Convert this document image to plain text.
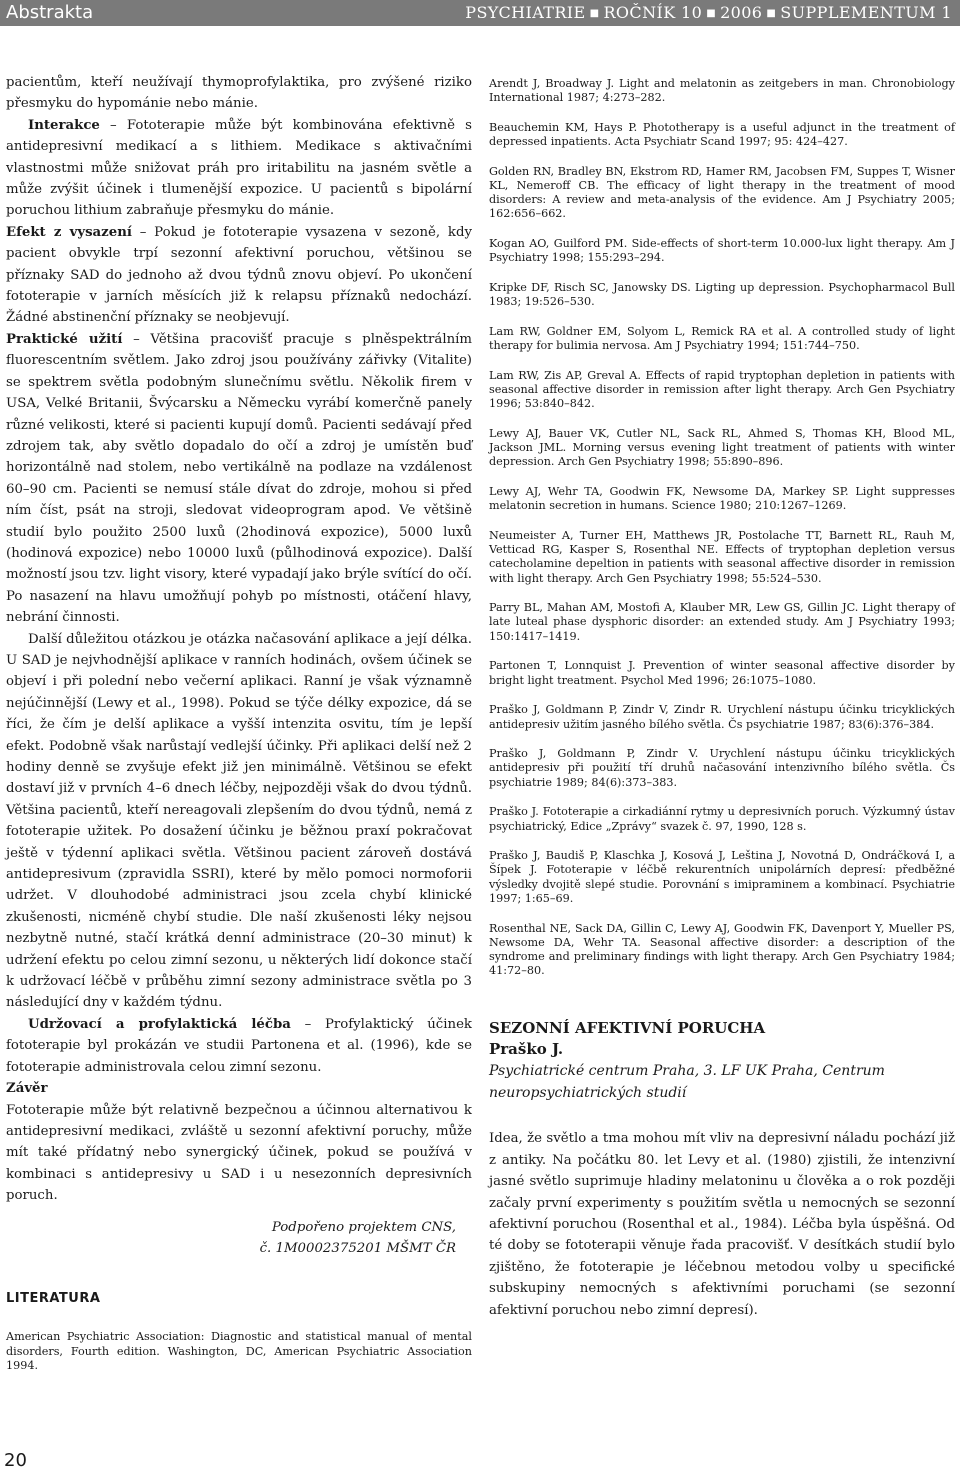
Abstrakta	PSYCHIATRIE ■ ROČNÍK 10 ■ 2006 ■ SUPPLEMENTUM 1

pacientům, kteří neužívají thymoprofylaktika, pro zvýšené riziko přesmyku do hypománie nebo mánie.

Interakce – Fototerapie může být kombinována efektivně s antidepresivní medikací a s lithiem. Medikace s aktivačními vlastnostmi může snižovat práh pro iritabilitu na jasném světle a může zvýšit účinek i tlumenější expozice. U pacientů s bipolární poruchou lithium zabraňuje přesmyku do mánie.

Efekt z vysazení – Pokud je fototerapie vysazena v sezoně, kdy pacient obvykle trpí sezonní afektivní poruchou, většinou se příznaky SAD do jednoho až dvou týdnů znovu objeví. Po ukončení fototerapie v jarních měsících již k relapsu příznaků nedochází. Žádné abstinenční příznaky se neobjevují.

Praktické užití – Většina pracovišť pracuje s plněspektrálním fluorescentním světlem. Jako zdroj jsou používány zářivky (Vitalite) se spektrem světla podobným slunečnímu světlu. Několik firem v USA, Velké Britanii, Švýcarsku a Německu vyrábí komerčně panely různé velikosti, které si pacienti kupují domů. Pacienti sedávají před zdrojem tak, aby světlo dopadalo do očí a zdroj je umístěn buď horizontálně nad stolem, nebo vertikálně na podlaze na vzdálenost 60–90 cm. Pacienti se nemusí stále dívat do zdroje, mohou si před ním číst, psát na stroji, sledovat videoprogram apod. Ve většině studií bylo použito 2500 luxů (2hodinová expozice), 5000 luxů (hodinová expozice) nebo 10000 luxů (půlhodinová expozice). Další možností jsou tzv. light visory, které vypadají jako brýle svítící do očí. Po nasazení na hlavu umožňují pohyb po místnosti, otáčení hlavy, nebrání činnosti.

Další důležitou otázkou je otázka načasování aplikace a její délka. U SAD je nejvhodnější aplikace v ranních hodinách, ovšem účinek se objeví i při polední nebo večerní aplikaci. Ranní je však významně nejúčinnější (Lewy et al., 1998). Pokud se týče délky expozice, dá se říci, že čím je delší aplikace a vyšší intenzita osvitu, tím je lepší efekt. Podobně však narůstají vedlejší účinky. Při aplikaci delší než 2 hodiny denně se zvyšuje efekt již jen minimálně. Většinou se efekt dostaví již v prvních 4–6 dnech léčby, nejpozději však do dvou týdnů. Většina pacientů, kteří nereagovali zlepšením do dvou týdnů, nemá z fototerapie užitek. Po dosažení účinku je běžnou praxí pokračovat ještě v týdenní aplikaci světla. Většinou pacient zároveň dostává antidepresivum (zpravidla SSRI), které by mělo pomoci normoforii udržet. V dlouhodobé administraci jsou zcela chybí klinické zkušenosti, nicméně chybí studie. Dle naší zkušenosti léky nejsou nezbytně nutné, stačí krátká denní administrace (20–30 minut) k udržení efektu po celou zimní sezonu, u některých lidí dokonce stačí k udržovací léčbě v průběhu zimní sezony administrace světla po 3 následující dny v každém týdnu.

Udržovací a profylaktická léčba – Profylaktický účinek fototerapie byl prokázán ve studii Partonena et al. (1996), kde se fototerapie administrovala celou zimní sezonu.

Závěr

Fototerapie může být relativně bezpečnou a účinnou alternativou k antidepresivní medikaci, zvláště u sezonní afektivní poruchy, může mít také přídatný nebo synergický účinek, pokud se používá v kombinaci s antidepresivy u SAD i u nesezonních depresivních poruch.

Podpořeno projektem CNS,
č. 1M0002375201 MŠMT ČR
LITERATURA
American Psychiatric Association: Diagnostic and statistical manual of mental disorders, Fourth edition. Washington, DC, American Psychiatric Association 1994.
Arendt J, Broadway J. Light and melatonin as zeitgebers in man. Chronobiology International 1987; 4:273–282.
Beauchemin KM, Hays P. Phototherapy is a useful adjunct in the treatment of depressed inpatients. Acta Psychiatr Scand 1997; 95: 424–427.
Golden RN, Bradley BN, Ekstrom RD, Hamer RM, Jacobsen FM, Suppes T, Wisner KL, Nemeroff CB. The efficacy of light therapy in the treatment of mood disorders: A review and meta-analysis of the evidence. Am J Psychiatry 2005; 162:656–662.
Kogan AO, Guilford PM. Side-effects of short-term 10.000-lux light therapy. Am J Psychiatry 1998; 155:293–294.
Kripke DF, Risch SC, Janowsky DS. Ligting up depression. Psychopharmacol Bull 1983; 19:526–530.
Lam RW, Goldner EM, Solyom L, Remick RA et al. A controlled study of light therapy for bulimia nervosa. Am J Psychiatry 1994; 151:744–750.
Lam RW, Zis AP, Greval A. Effects of rapid tryptophan depletion in patients with seasonal affective disorder in remission after light therapy. Arch Gen Psychiatry 1996; 53:840–842.
Lewy AJ, Bauer VK, Cutler NL, Sack RL, Ahmed S, Thomas KH, Blood ML, Jackson JML. Morning versus evening light treatment of patients with winter depression. Arch Gen Psychiatry 1998; 55:890–896.
Lewy AJ, Wehr TA, Goodwin FK, Newsome DA, Markey SP. Light suppresses melatonin secretion in humans. Science 1980; 210:1267–1269.
Neumeister A, Turner EH, Matthews JR, Postolache TT, Barnett RL, Rauh M, Vetticad RG, Kasper S, Rosenthal NE. Effects of tryptophan depletion versus catecholamine depeltion in patients with seasonal affective disorder in remission with light therapy. Arch Gen Psychiatry 1998; 55:524–530.
Parry BL, Mahan AM, Mostofi A, Klauber MR, Lew GS, Gillin JC. Light therapy of late luteal phase dysphoric disorder: an extended study. Am J Psychiatry 1993; 150:1417–1419.
Partonen T, Lonnquist J. Prevention of winter seasonal affective disorder by bright light treatment. Psychol Med 1996; 26:1075–1080.
Praško J, Goldmann P, Zindr V, Zindr R. Urychlení nástupu účinku tricyklických antidepresiv užitím jasného bílého světla. Čs psychiatrie 1987; 83(6):376–384.
Praško J, Goldmann P, Zindr V. Urychlení nástupu účinku tricyklických antidepresiv při použití tří druhů načasování intenzivního bílého světla. Čs psychiatrie 1989; 84(6):373–383.
Praško J. Fototerapie a cirkadiánní rytmy u depresivních poruch. Výzkumný ústav psychiatrický, Edice „Zprávy“ svazek č. 97, 1990, 128 s.
Praško J, Baudiš P, Klaschka J, Kosová J, Leština J, Novotná D, Ondráčková I, a Šípek J. Fototerapie v léčbě rekurentních unipolárních depresí: předběžné výsledky dvojitě slepé studie. Porovnání s imipraminem a kombinací. Psychiatrie 1997; 1:65–69.
Rosenthal NE, Sack DA, Gillin C, Lewy AJ, Goodwin FK, Davenport Y, Mueller PS, Newsome DA, Wehr TA. Seasonal affective disorder: a description of the syndrome and preliminary findings with light therapy. Arch Gen Psychiatry 1984; 41:72–80.
SEZONNÍ AFEKTIVNÍ PORUCHA
Praško J.
Psychiatrické centrum Praha, 3. LF UK Praha, Centrum
neuropsychiatrických studií
Idea, že světlo a tma mohou mít vliv na depresivní náladu pochází již z antiky. Na počátku 80. let Levy et al. (1980) zjistili, že intenzivní jasné světlo suprimuje hladiny melatoninu u člověka a o rok později začaly první experimenty s použitím světla u nemocných se sezonní afektivní poruchou (Rosenthal et al., 1984). Léčba byla úspěšná. Od té doby se fototerapii věnuje řada pracovišť. V desítkách studií bylo zjištěno, že fototerapie je léčebnou metodou volby u specifické subskupiny nemocných s afektivními poruchami (se sezonní afektivní poruchou nebo zimní depresí).
20
